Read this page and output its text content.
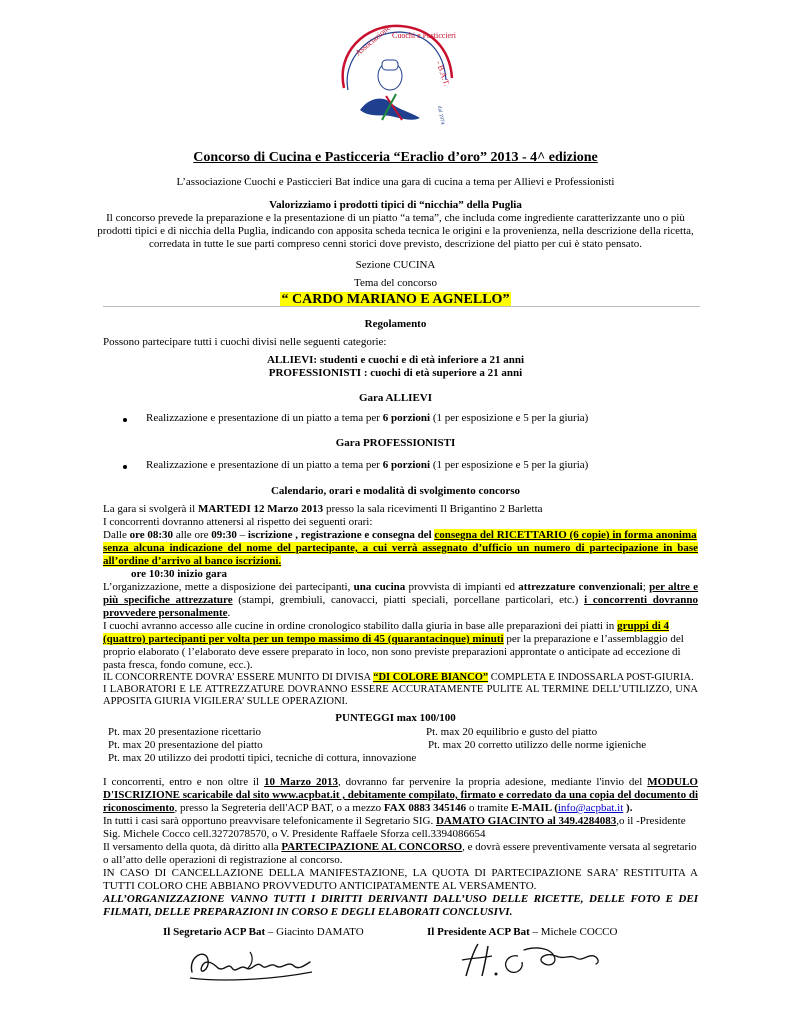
Associazione Cuochi e Pasticcieri
- B.A.T.
dal 1974
Concorso di Cucina e Pasticceria “Eraclio d’oro” 2013 - 4^ edizione
L’associazione Cuochi e Pasticcieri Bat indice una gara di cucina a tema per Allievi e Professionisti
Valorizziamo i prodotti tipici di “nicchia” della Puglia
Il concorso prevede la preparazione e la presentazione di un piatto “a tema”, che includa come ingrediente caratterizzante uno o più
prodotti tipici e di nicchia della Puglia, indicando con apposita scheda tecnica le origini e la provenienza, nella descrizione della ricetta,
corredata in tutte le sue parti compreso cenni storici dove previsto, descrizione del piatto per cui è stato pensato.
Sezione CUCINA
Tema del concorso
“ CARDO MARIANO E AGNELLO”
Regolamento
Possono partecipare tutti i cuochi divisi nelle seguenti categorie:
ALLIEVI: studenti e cuochi e di età inferiore a 21 anni
PROFESSIONISTI : cuochi di età superiore a 21 anni
Gara ALLIEVI
Realizzazione e presentazione di un piatto a tema per 6 porzioni (1 per esposizione e 5 per la giuria)
Gara PROFESSIONISTI
Realizzazione e presentazione di un piatto a tema per 6 porzioni (1 per esposizione e 5 per la giuria)
Calendario, orari e modalità di svolgimento concorso
La gara si svolgerà il MARTEDI 12 Marzo 2013 presso la sala ricevimenti Il Brigantino 2 Barletta
I concorrenti dovranno attenersi al rispetto dei seguenti orari:
Dalle ore 08:30 alle ore 09:30 – iscrizione , registrazione e consegna del consegna del RICETTARIO (6 copie) in forma anonima
senza alcuna indicazione del nome del partecipante, a cui verrà assegnato d’ufficio un numero di partecipazione in base
all’ordine d’arrivo al banco iscrizioni.
ore 10:30 inizio gara
L’organizzazione, mette a disposizione dei partecipanti, una cucina provvista di impianti ed attrezzature convenzionali; per altre e
più specifiche attrezzature (stampi, grembiuli, canovacci, piatti speciali, porcellane particolari, etc.) i concorrenti dovranno
provvedere personalmente.
I cuochi avranno accesso alle cucine in ordine cronologico stabilito dalla giuria in base alle preparazioni dei piatti in gruppi di 4
(quattro) partecipanti per volta per un tempo massimo di 45 (quarantacinque) minuti per la preparazione e l’assemblaggio del
proprio elaborato ( l’elaborato deve essere preparato in loco, non sono previste preparazioni approntate o anticipate ad eccezione di
pasta fresca, fondo comune, ecc.).
IL CONCORRENTE DOVRA’ ESSERE MUNITO DI DIVISA “DI COLORE BIANCO” COMPLETA E INDOSSARLA POST-GIURIA.
I LABORATORI E LE ATTREZZATURE DOVRANNO ESSERE ACCURATAMENTE PULITE AL TERMINE DELL’UTILIZZO, UNA
APPOSITA GIURIA VIGILERA’ SULLE OPERAZIONI.
PUNTEGGI max 100/100
Pt. max 20 presentazione ricettario
Pt. max 20 presentazione del piatto
Pt. max 20 utilizzo dei prodotti tipici, tecniche di cottura, innovazione
Pt. max 20 equilibrio e gusto del piatto
Pt. max 20 corretto utilizzo delle norme igieniche
I concorrenti, entro e non oltre il 10 Marzo 2013, dovranno far pervenire la propria adesione, mediante l'invio del MODULO
D'ISCRIZIONE scaricabile dal sito www.acpbat.it , debitamente compilato, firmato e corredato da una copia del documento di
riconoscimento, presso la Segreteria dell'ACP BAT, o a mezzo FAX 0883 345146 o tramite E-MAIL (info@acpbat.it ).
In tutti i casi sarà opportuno preavvisare telefonicamente il Segretario SIG. DAMATO GIACINTO al 349.4284083,o il -Presidente
Sig. Michele Cocco cell.3272078570, o V. Presidente Raffaele Sforza cell.3394086654
Il versamento della quota, dà diritto alla PARTECIPAZIONE AL CONCORSO, e dovrà essere preventivamente versata al segretario
o all’atto delle operazioni di registrazione al concorso.
IN CASO DI CANCELLAZIONE DELLA MANIFESTAZIONE, LA QUOTA DI PARTECIPAZIONE SARA’ RESTITUITA A
TUTTI COLORO CHE ABBIANO PROVVEDUTO ANTICIPATAMENTE AL VERSAMENTO.
ALL’ORGANIZZAZIONE VANNO TUTTI I DIRITTI DERIVANTI DALL’USO DELLE RICETTE, DELLE FOTO E DEI
FILMATI, DELLE PREPARAZIONI IN CORSO E DEGLI ELABORATI CONCLUSIVI.
Il Segretario ACP Bat – Giacinto DAMATO	Il Presidente ACP Bat – Michele COCCO
